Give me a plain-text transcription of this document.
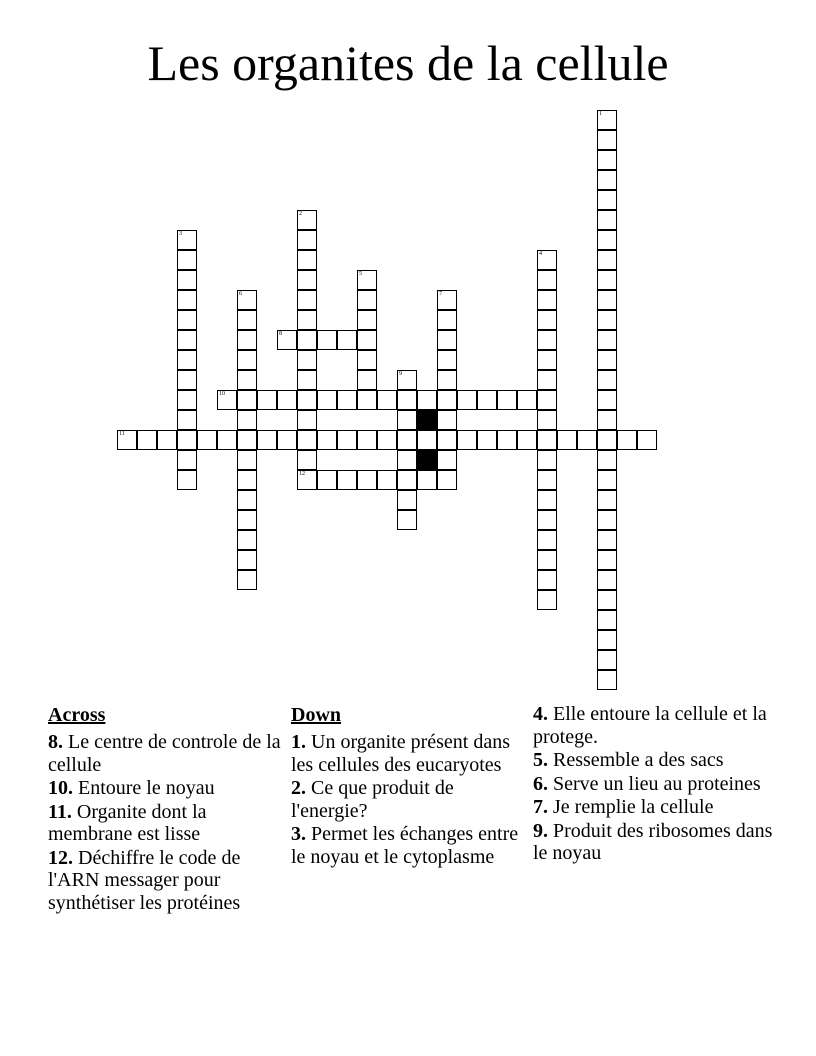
Les organites de la cellule
1
2
12
3
4
5
6	7
8
9
10
11
Across
8. Le centre de controle de la cellule
10. Entoure le noyau
11. Organite dont la membrane est lisse
12. Déchiffre le code de l'ARN messager pour synthétiser les protéines
Down
1. Un organite présent dans les cellules des eucaryotes
2. Ce que produit de l'energie?
3. Permet les échanges entre le noyau et le cytoplasme
4. Elle entoure la cellule et la protege.
5. Ressemble a des sacs
6. Serve un lieu au proteines
7. Je remplie la cellule
9. Produit des ribosomes dans le noyau
